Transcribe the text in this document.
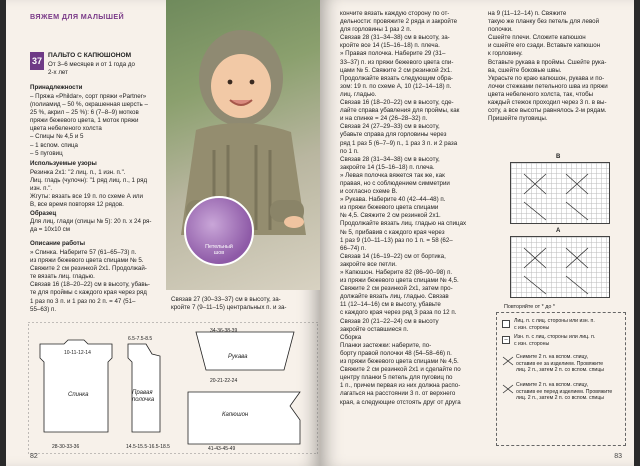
ВЯЖЕМ ДЛЯ МАЛЫШЕЙ
37
ПАЛЬТО С КАПЮШОНОМ
От 3–6 месяцев и от 1 года до
2-х лет
Принадлежности
– Пряжа «Phildar», сорт пряжи «Partner»
(полиамид – 50 %, окрашенная шерсть –
25 %, акрил – 25 %): 6 (7–8–9) мотков
пряжи бежевого цвета, 1 моток пряжи
цвета небеленого холста
– Спицы № 4,5 и 5
– 1 вспом. спица
– 5 пуговиц
Используемые узоры
Резинка 2x1: "2 лиц. п., 1 изн. п.".
Лиц. гладь (чулочн): "1 ряд лиц. п., 1 ряд
изн. п.".
Жгуты: вязать все 19 п. по схеме А или
В, все время повторяя 12 рядов.
Образец
Для лиц. глади (спицы № 5): 20 п. х 24 ря-
да = 10x10 см
Описание работы
» Спинка. Наберите 57 (61–65–73) п.
из пряжи бежевого цвета спицами № 5.
Свяжите 2 см резинкой 2x1. Продолжай-
те вязать лиц. гладью.
Связав 16 (18–20–22) см в высоту, убавь-
те для проймы с каждого края через ряд
1 раз по 3 п. и 1 раз по 2 п. = 47 (51–
55–63) п.
Связав 27 (30–33–37) см в высоту, за-
кройте 7 (9–11–15) центральных п. и за-
Петельный
шов
Спинка	Правая
полочка
Рукава
Капюшон
28-30-33-36
10-11-12-14
14.5-15.5-16.5-18.5
6.5-7.5-8.5
34-36-38-39
20-21-22-24
41-43-45-49
82
кончите вязать каждую сторону по от-
дельности: провяжите 2 ряда и закройте
для горловины 1 раз 2 п.
Связав 28 (31–34–38) см в высоту, за-
кройте все 14 (15–16–18) п. плеча.
» Правая полочка. Наберите 29 (31–
33–37) п. из пряжи бежевого цвета спи-
цами № 5. Свяжите 2 см резинкой 2x1.
Продолжайте вязать следующим обра-
зом: 19 п. по схеме А, 10 (12–14–18) п.
лиц. гладью.
Связав 16 (18–20–22) см в высоту, сде-
лайте справа убавления для проймы, как
и на спинке = 24 (26–28–32) п.
Связав 24 (27–29–33) см в высоту,
убавьте справа для горловины через
ряд 1 раз 5 (6–7–9) п., 1 раз 3 п. и 2 раза
по 1 п.
Связав 28 (31–34–38) см в высоту,
закройте 14 (15–16–18) п. плеча.
» Левая полочка вяжется так же, как
правая, но с соблюдением симметрии
и согласно схеме В.
» Рукава. Наберите 40 (42–44–48) п.
из пряжи бежевого цвета спицами
№ 4,5. Свяжите 2 см резинкой 2x1.
Продолжайте вязать лиц. гладью на спицах
№ 5, прибавив с каждого края через
1 раз 9 (10–11–13) раз по 1 п. = 58 (62–
66–74) п.
Связав 14 (16–19–22) см от бортика,
закройте все петли.
» Капюшон. Наберите 82 (86–90–98) п.
из пряжи бежевого цвета спицами № 4,5.
Свяжите 2 см резинкой 2x1, затем про-
должайте вязать лиц. гладью. Связав
11 (12–14–16) см в высоту, убавьте
с каждого края через ряд 3 раза по 12 п.
Связав 20 (21–22–24) см в высоту
закройте оставшиеся п.
Сборка
Планки застежки: наберите, по-
борту правой полочки 48 (54–58–66) п.
из пряжи бежевого цвета спицами № 4,5.
Свяжите 2 см резинкой 2x1 и сделайте по
центру планки 5 петель для пуговиц по
1 п., причем первая из них должна распо-
лагаться на расстоянии 3 п. от верхнего
края, а следующие отстоять друг от друга
на 9 (11–12–14) п. Свяжите
такую же планку без петель для левой
полочки.
Сшейте плечи. Сложите капюшон
и сшейте его сзади. Вставьте капюшон
к горловину.
Вставьте рукава в проймы. Сшейте рука-
ва, сшейте боковые швы.
Украсьте по краю капюшон, рукава и по-
лочки стежками петельного шва из пряжи
цвета небеленого холста, так, чтобы
каждый стежок проходил через 3 п. в вы-
соту, а все высоты равнялось 2-м рядам.
Пришейте пуговицы.
B
A
Повторяйте от * до *
Лиц. п. с лиц. стороны или изн. п.
с изн. стороны
–	Изн. п. с лиц. стороны или лиц. п.
с изн. стороны
Снимите 2 п. на вспом. спицу,
оставив ее за изделием. Провяжите
лиц. 2 п., затем 2 п. со вспом. спицы
Снимите 2 п. на вспом. спицу,
оставив ее перед изделием. Провяжите
лиц. 2 п., затем 2 п. со вспом. спицы
83
